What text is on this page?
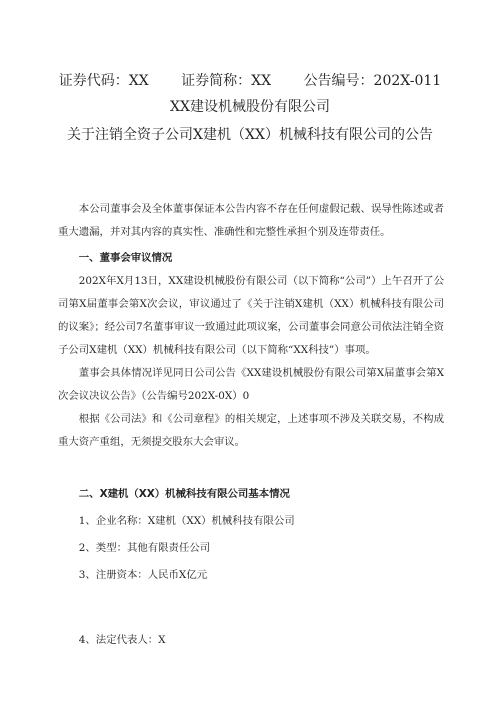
证券代码：XX 证券简称：XX 公告编号：202X-011
XX建设机械股份有限公司
关于注销全资子公司X建机（XX）机械科技有限公司的公告

本公司董事会及全体董事保证本公告内容不存在任何虚假记载、误导性陈述或者重大遗漏，并对其内容的真实性、准确性和完整性承担个别及连带责任。

一、董事会审议情况

202X年X月13日，XX建设机械股份有限公司（以下简称“公司”）上午召开了公司第X届董事会第X次会议，审议通过了《关于注销X建机（XX）机械科技有限公司的议案》；经公司7名董事审议一致通过此项议案，公司董事会同意公司依法注销全资子公司X建机（XX）机械科技有限公司（以下简称“XX科技”）事项。

董事会具体情况详见同日公司公告《XX建设机械股份有限公司第X届董事会第X次会议决议公告》（公告编号202X-0X）0

根据《公司法》和《公司章程》的相关规定，上述事项不涉及关联交易，不构成重大资产重组，无须提交股东大会审议。

二、X建机（XX）机械科技有限公司基本情况

1、企业名称：X建机（XX）机械科技有限公司

2、类型：其他有限责任公司

3、注册资本：人民币X亿元

4、法定代表人：X
